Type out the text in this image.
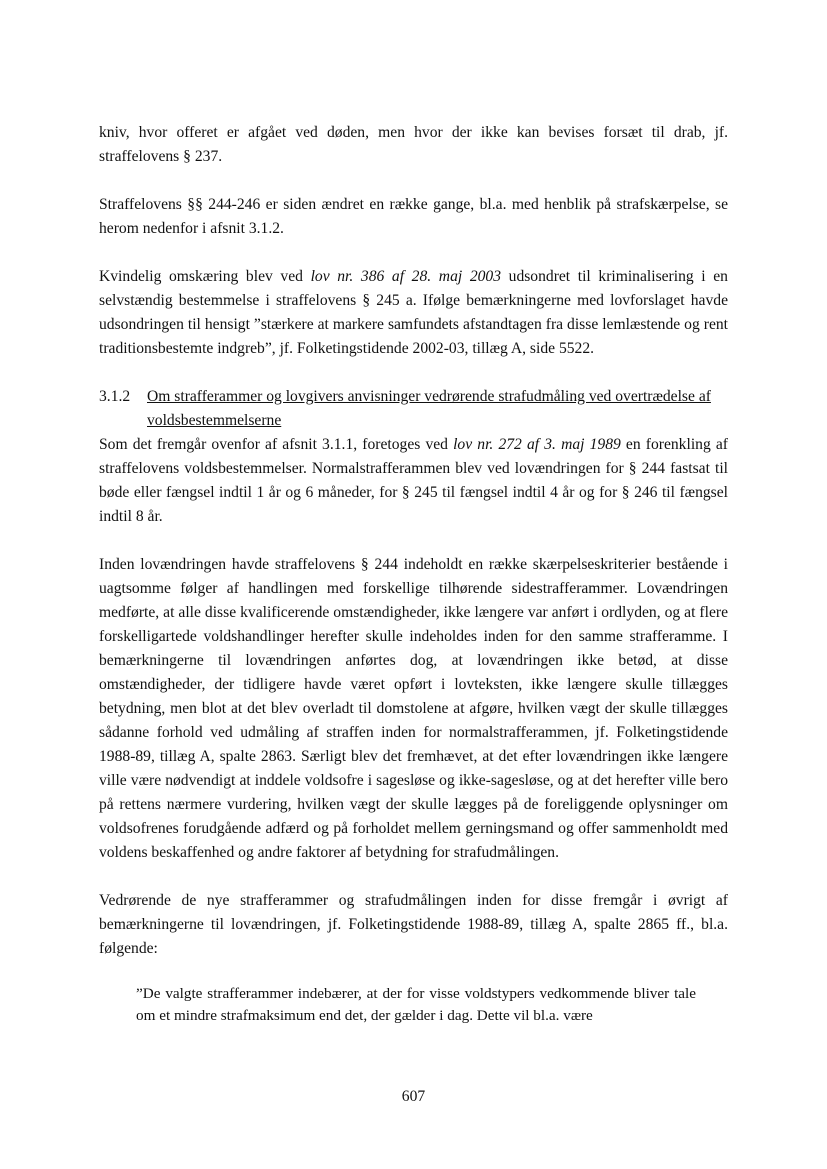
kniv, hvor offeret er afgået ved døden, men hvor der ikke kan bevises forsæt til drab, jf. straffelovens § 237.

Straffelovens §§ 244-246 er siden ændret en række gange, bl.a. med henblik på strafskærpelse, se herom nedenfor i afsnit 3.1.2.

Kvindelig omskæring blev ved lov nr. 386 af 28. maj 2003 udsondret til kriminalisering i en selvstændig bestemmelse i straffelovens § 245 a. Ifølge bemærkningerne med lovforslaget havde udsondringen til hensigt ”stærkere at markere samfundets afstandtagen fra disse lemlæstende og rent traditionsbestemte indgreb”, jf. Folketingstidende 2002-03, tillæg A, side 5522.

3.1.2	Om strafferammer og lovgivers anvisninger vedrørende strafudmåling ved overtrædelse af voldsbestemmelserne

Som det fremgår ovenfor af afsnit 3.1.1, foretoges ved lov nr. 272 af 3. maj 1989 en forenkling af straffelovens voldsbestemmelser. Normalstrafferammen blev ved lovændringen for § 244 fastsat til bøde eller fængsel indtil 1 år og 6 måneder, for § 245 til fængsel indtil 4 år og for § 246 til fængsel indtil 8 år.

Inden lovændringen havde straffelovens § 244 indeholdt en række skærpelseskriterier bestående i uagtsomme følger af handlingen med forskellige tilhørende sidestrafferammer. Lovændringen medførte, at alle disse kvalificerende omstændigheder, ikke længere var anført i ordlyden, og at flere forskelligartede voldshandlinger herefter skulle indeholdes inden for den samme strafferamme. I bemærkningerne til lovændringen anførtes dog, at lovændringen ikke betød, at disse omstændigheder, der tidligere havde været opført i lovteksten, ikke længere skulle tillægges betydning, men blot at det blev overladt til domstolene at afgøre, hvilken vægt der skulle tillægges sådanne forhold ved udmåling af straffen inden for normalstrafferammen, jf. Folketingstidende 1988-89, tillæg A, spalte 2863. Særligt blev det fremhævet, at det efter lovændringen ikke længere ville være nødvendigt at inddele voldsofre i sagesløse og ikke-sagesløse, og at det herefter ville bero på rettens nærmere vurdering, hvilken vægt der skulle lægges på de foreliggende oplysninger om voldsofrenes forudgående adfærd og på forholdet mellem gerningsmand og offer sammenholdt med voldens beskaffenhed og andre faktorer af betydning for strafudmålingen.

Vedrørende de nye strafferammer og strafudmålingen inden for disse fremgår i øvrigt af bemærkningerne til lovændringen, jf. Folketingstidende 1988-89, tillæg A, spalte 2865 ff., bl.a. følgende:

”De valgte strafferammer indebærer, at der for visse voldstypers vedkommende bliver tale om et mindre strafmaksimum end det, der gælder i dag. Dette vil bl.a. være

607
